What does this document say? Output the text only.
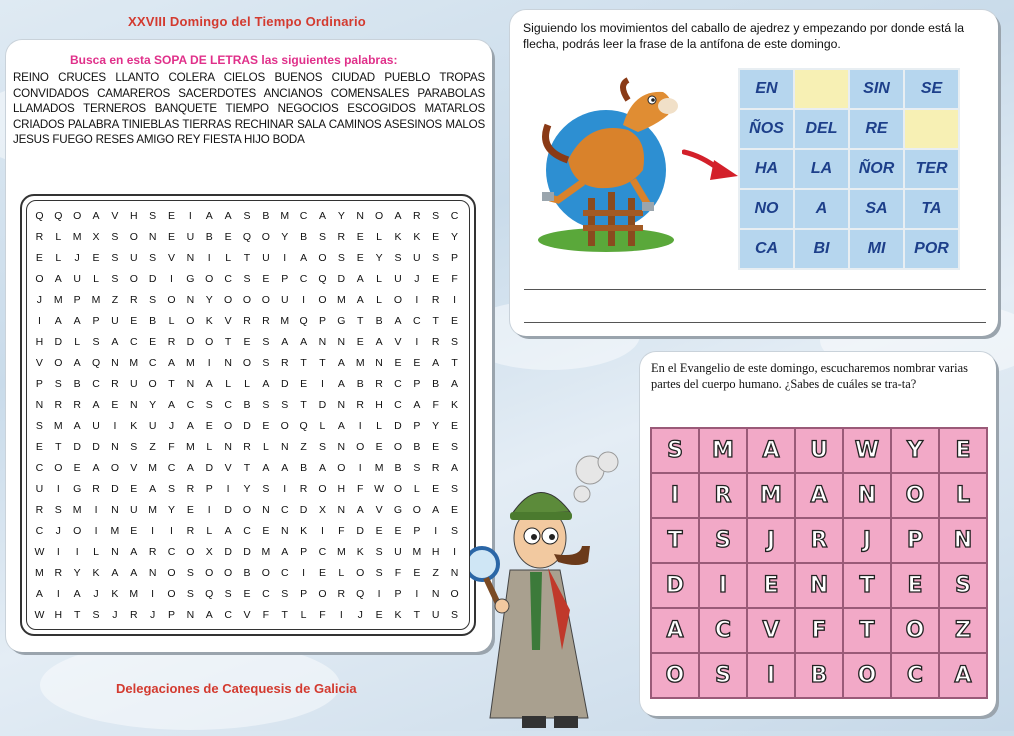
XXVIII Domingo del Tiempo Ordinario
Busca en esta SOPA DE LETRAS las siguientes palabras:
REINO CRUCES LLANTO COLERA CIELOS BUENOS CIUDAD PUEBLO TROPAS CONVIDADOS CAMAREROS SACERDOTES ANCIANOS COMENSALES PARABOLAS LLAMADOS TERNEROS BANQUETE TIEMPO NEGOCIOS ESCOGIDOS MATARLOS CRIADOS PALABRA TINIEBLAS TIERRAS RECHINAR SALA CAMINOS ASESINOS MALOS JESUS FUEGO RESES AMIGO REY FIESTA HIJO BODA
Q	Q	O	A	V	H	S	E	I	A	A	S	B	M	C	A	Y	N	O	A	R	S	C
R	L	M	X	S	O	N	E	U	B	E	Q	O	Y	B	S	R	E	L	K	K	E	Y
E	L	J	E	S	U	S	V	N	I	L	T	U	I	A	O	S	E	Y	S	U	S	P
O	A	U	L	S	O	D	I	G	O	C	S	E	P	C	Q	D	A	L	U	J	E	F
J	M	P	M	Z	R	S	O	N	Y	O	O	O	U	I	O M	A	L	O	I	R	I
I	A	A	P	U	E	B	L	O	K	V	R	R	M Q	P	G	T	B	A	C	T	E
H	D	L	S	A	C	E	R	D	O	T	E	S	A	A	N	N	E	A	V	I	R	S
V	O	A	Q	N	M	C	A	M	I	N	O	S	R	T	T	A	M	N	E	E	A	T
P	S	B	C	R	U	O	T	N	A	L	L	A	D	E	I	A	B	R	C	P	B	A
N	R	R	A	E	N	Y	A	C	S	C	B	S	S	T	D	N	R	H	C	A	F	K
S	M	A	U	I	K	U	J	A	E	O	D	E	O	Q	L	A	I	L	D	P	Y	E
E	T	D	D	N	S	Z	F	M	L	N	R	L	N	Z	S	N	O	E	O	B	E	S
C	O	E	A	O	V	M	C	A	D	V	T	A	A	B	A	O	I	M	B	S	R	A
U	I	G	R	D	E	A	S	R	P	I	Y	S	I	R	O	H	F	W O	L	E	S
R	S	M	I	N	U	M	Y	E	I	D	O	N	C	D	X	N	A	V	G	O	A	E
C	J	O	I	M	E	I	I	R	L	A	C	E	N	K	I	F	D	E	E	P	I	S
W	I	I	L	N	A	R	C	O	X	D	D	M	A	P	C	M	K	S	U	M	H	I
M	R	Y	K	A	A	N	O	S	O	O	B	O	C	I	E	L	O	S	F	E	Z	N
A	I	A	J	K	M	I	O	S	Q	S	E	C	S	P	O	R	Q	I	P	I	N	O
W H	T	S	J	R	J	P	N	A	C	V	F	T	L	F	I	J	E	K	T	U	S
Delegaciones de Catequesis de Galicia
Siguiendo los movimientos del caballo de ajedrez y empezando por donde está la flecha, podrás leer la frase de la antífona de este domingo.
EN		SIN	SE
ÑOS	DEL	RE	
HA	LA	ÑOR	TER
NO	A	SA	TA
CA	BI	MI	POR
En el Evangelio de este domingo, escucharemos nombrar varias partes del cuerpo humano. ¿Sabes de cuáles se tra-ta?
S	M	A	U	W	Y	E
I	R	M	A	N	O	L
T	S	J	R	J	P	N
D	I	E	N	T	E	S
A	C	V	F	T	O	Z
O	S	I	B	O	C	A
